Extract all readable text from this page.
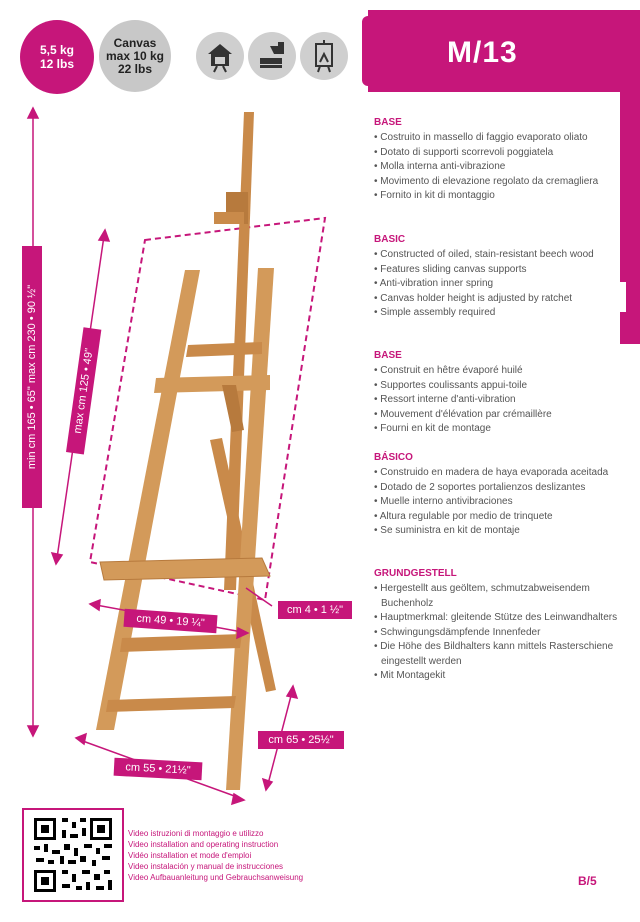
5,5 kg
12 lbs
Canvas
max 10 kg
22 lbs	M/13
min cm 165 • 65" max cm 230 • 90 ½"	max cm 125 • 49"
cm 49 • 19 ¼"
cm 4 • 1 ½"
cm 55 • 21½"
cm 65 • 25½"
BASE
• Costruito in massello di faggio evaporato oliato
• Dotato di supporti scorrevoli poggiatela
• Molla interna anti-vibrazione
• Movimento di elevazione regolato da cremagliera
• Fornito in kit di montaggio
BASIC
• Constructed of oiled, stain-resistant beech wood
• Features sliding canvas supports
• Anti-vibration inner spring
• Canvas holder height is adjusted by ratchet
• Simple assembly required
BASE
• Construit en hêtre évaporé huilé
• Supportes coulissants appui-toile
• Ressort interne d'anti-vibration
• Mouvement d'élévation par crémaillère
• Fourni en kit de montage
BÁSICO
• Construido en madera de haya evaporada aceitada
• Dotado de 2 soportes portalienzos deslizantes
• Muelle interno antivibraciones
• Altura regulable por medio de trinquete
• Se suministra en kit de montaje
GRUNDGESTELL
• Hergestellt aus geöltem, schmutzabweisendem Buchenholz
• Hauptmerkmal: gleitende Stütze des Leinwandhalters
• Schwingungsdämpfende Innenfeder
• Die Höhe des Bildhalters kann mittels Rasterschiene eingestellt werden
• Mit Montagekit
Video istruzioni di montaggio e utilizzo
Video installation and operating instruction
Vidéo installation et mode d'emploi
Video instalación y manual de instrucciones
Video Aufbauanleitung und Gebrauchsanweisung	B/5
